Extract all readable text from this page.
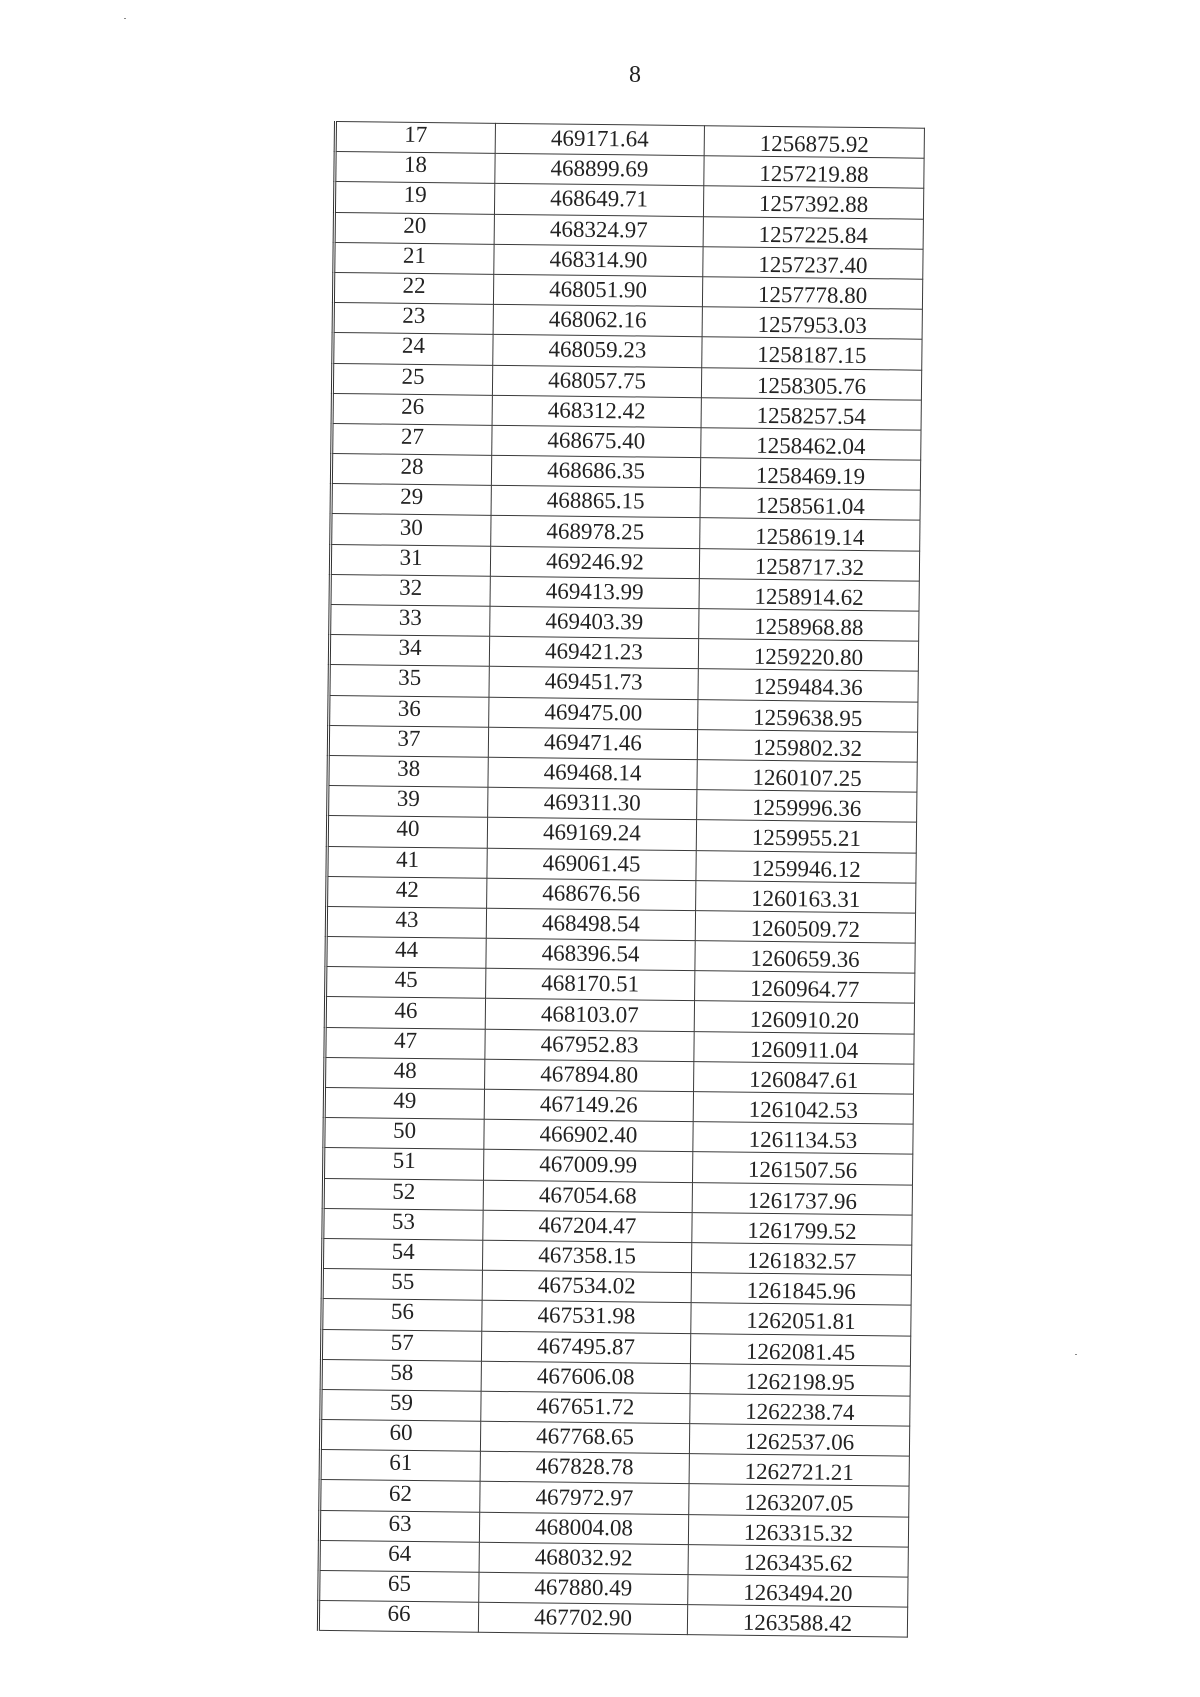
8
17	469171.64	1256875.92
18	468899.69	1257219.88
19	468649.71	1257392.88
20	468324.97	1257225.84
21	468314.90	1257237.40
22	468051.90	1257778.80
23	468062.16	1257953.03
24	468059.23	1258187.15
25	468057.75	1258305.76
26	468312.42	1258257.54
27	468675.40	1258462.04
28	468686.35	1258469.19
29	468865.15	1258561.04
30	468978.25	1258619.14
31	469246.92	1258717.32
32	469413.99	1258914.62
33	469403.39	1258968.88
34	469421.23	1259220.80
35	469451.73	1259484.36
36	469475.00	1259638.95
37	469471.46	1259802.32
38	469468.14	1260107.25
39	469311.30	1259996.36
40	469169.24	1259955.21
41	469061.45	1259946.12
42	468676.56	1260163.31
43	468498.54	1260509.72
44	468396.54	1260659.36
45	468170.51	1260964.77
46	468103.07	1260910.20
47	467952.83	1260911.04
48	467894.80	1260847.61
49	467149.26	1261042.53
50	466902.40	1261134.53
51	467009.99	1261507.56
52	467054.68	1261737.96
53	467204.47	1261799.52
54	467358.15	1261832.57
55	467534.02	1261845.96
56	467531.98	1262051.81
57	467495.87	1262081.45
58	467606.08	1262198.95
59	467651.72	1262238.74
60	467768.65	1262537.06
61	467828.78	1262721.21
62	467972.97	1263207.05
63	468004.08	1263315.32
64	468032.92	1263435.62
65	467880.49	1263494.20
66	467702.90	1263588.42
